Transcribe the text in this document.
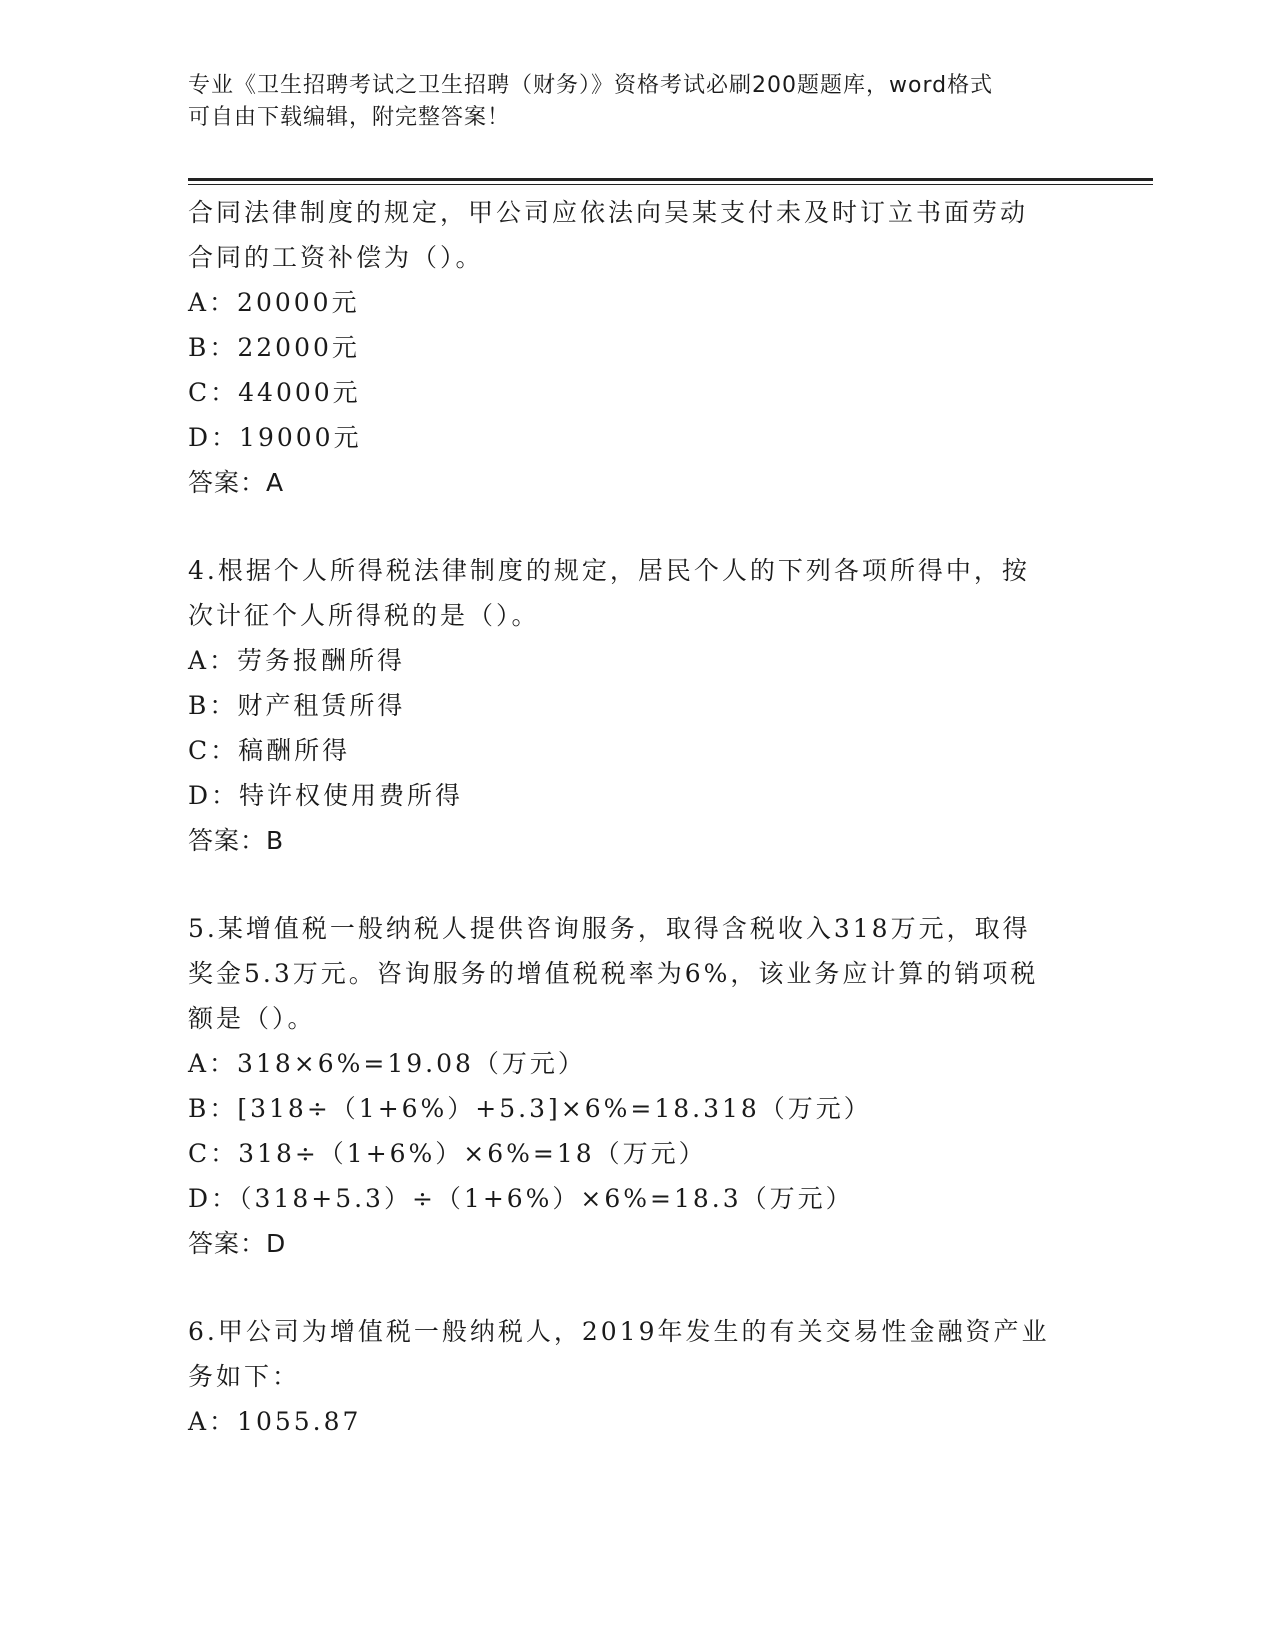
专业《卫生招聘考试之卫生招聘（财务）》资格考试必刷200题题库，word格式
可自由下载编辑，附完整答案！
合同法律制度的规定，甲公司应依法向吴某支付未及时订立书面劳动
合同的工资补偿为（）。
A：20000元
B：22000元
C：44000元
D：19000元
答案：A
4.根据个人所得税法律制度的规定，居民个人的下列各项所得中，按
次计征个人所得税的是（）。
A：劳务报酬所得
B：财产租赁所得
C：稿酬所得
D：特许权使用费所得
答案：B
5.某增值税一般纳税人提供咨询服务，取得含税收入318万元，取得
奖金5.3万元。咨询服务的增值税税率为6%，该业务应计算的销项税
额是（）。
A：318×6%=19.08（万元）
B：[318÷（1+6%）+5.3]×6%=18.318（万元）
C：318÷（1+6%）×6%=18（万元）
D：（318+5.3）÷（1+6%）×6%=18.3（万元）
答案：D
6.甲公司为增值税一般纳税人，2019年发生的有关交易性金融资产业
务如下：
A：1055.87
